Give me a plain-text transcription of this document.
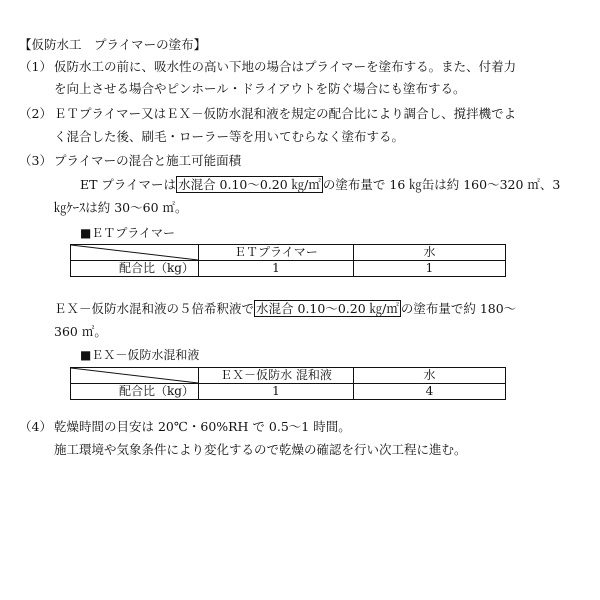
【仮防水工　プライマーの塗布】
（1） 仮防水工の前に、吸水性の高い下地の場合はプライマーを塗布する。また、付着力
を向上させる場合やピンホール・ドライアウトを防ぐ場合にも塗布する。
（2） ＥＴプライマー又はＥＸ－仮防水混和液を規定の配合比により調合し、撹拌機でよ
く混合した後、刷毛・ローラー等を用いてむらなく塗布する。
（3） プライマーの混合と施工可能面積
ET プライマーは 水混合 0.10～0.20 ㎏/㎡ の塗布量で 16 ㎏缶は約 160～320 ㎡、3
㎏ｹｰｽは約 30～60 ㎡。
■ＥＴプライマー
	ＥＴプライマー	水
配合比（kg）	1	1
ＥＸ－仮防水混和液の５倍希釈液で 水混合 0.10～0.20 ㎏/㎡ の塗布量で約 180～
360 ㎡。
■ＥＸ－仮防水混和液
	ＥＸ－仮防水 混和液	水
配合比（kg）	1	4
（4） 乾燥時間の目安は 20℃・60%RH で 0.5～1 時間。
施工環境や気象条件により変化するので乾燥の確認を行い次工程に進む。
